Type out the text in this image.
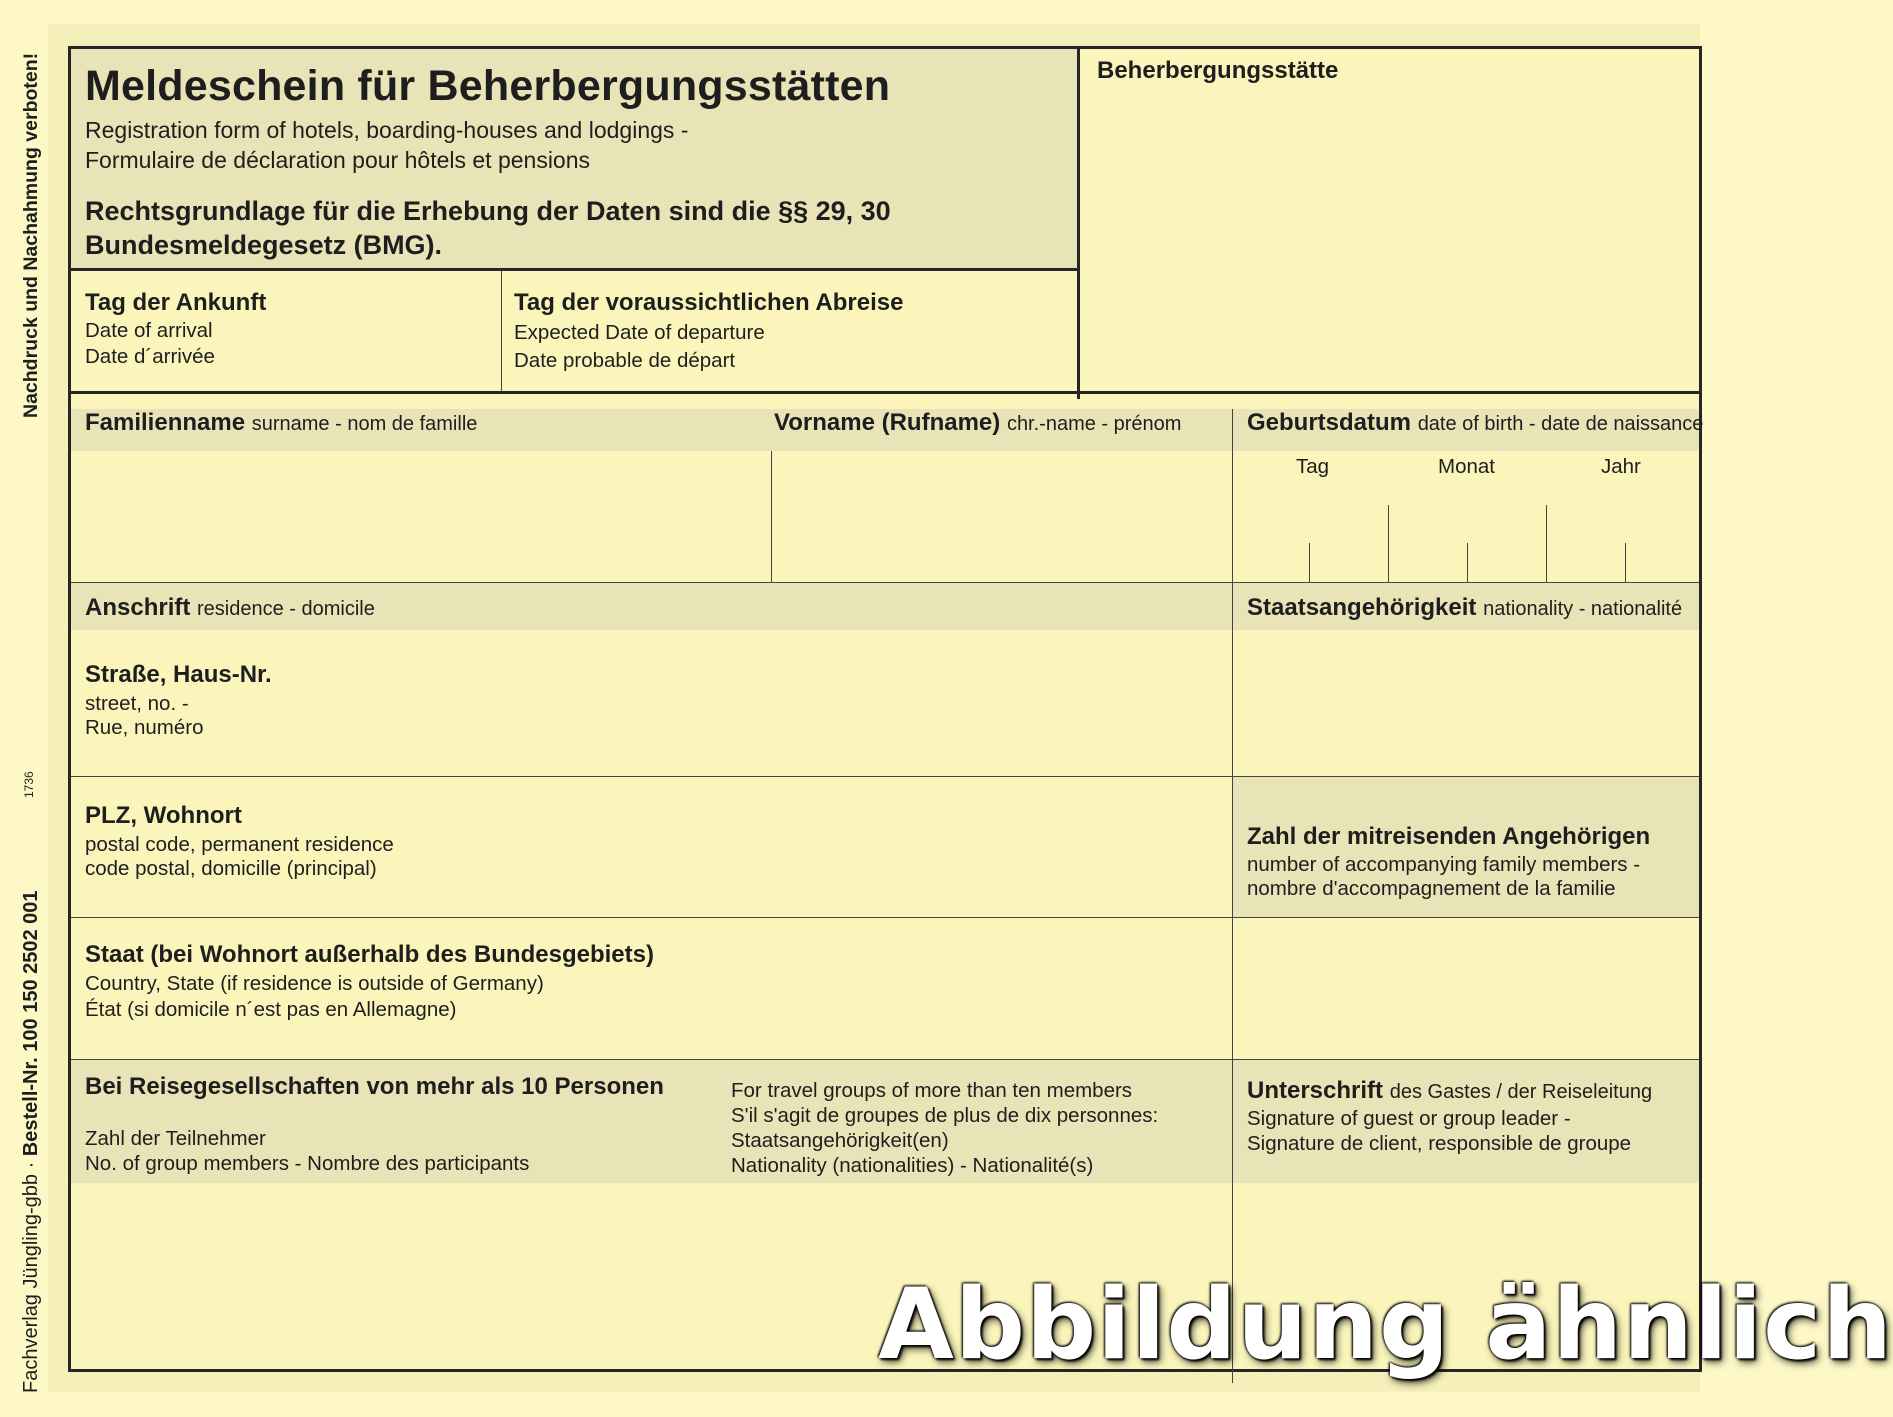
Nachdruck und Nachahmung verboten!
1736
Fachverlag Jüngling-gbb · Bestell-Nr. 100 150 2502 001
Meldeschein für Beherbergungsstätten
Registration form of hotels, boarding-houses and lodgings -
Formulaire de déclaration pour hôtels et pensions
Rechtsgrundlage für die Erhebung der Daten sind die §§ 29, 30
Bundesmeldegesetz (BMG).
Beherbergungsstätte
Tag der Ankunft
Date of arrival
Date d´arrivée
Tag der voraussichtlichen Abreise
Expected Date of departure
Date probable de départ
Familienname surname - nom de famille	Vorname (Rufname) chr.-name - prénom	Geburtsdatum date of birth - date de naissance
Tag	Monat	Jahr
Anschrift residence - domicile	Staatsangehörigkeit nationality - nationalité
Straße, Haus-Nr.
street, no. -
Rue, numéro
PLZ, Wohnort
postal code, permanent residence
code postal, domicille (principal)
Zahl der mitreisenden Angehörigen
number of accompanying family members -
nombre d'accompagnement de la familie
Staat (bei Wohnort außerhalb des Bundesgebiets)
Country, State (if residence is outside of Germany)
État (si domicile n´est pas en Allemagne)
Bei Reisegesellschaften von mehr als 10 Personen
Zahl der Teilnehmer
No. of group members - Nombre des participants
For travel groups of more than ten members
S'il s'agit de groupes de plus de dix personnes:
Staatsangehörigkeit(en)
Nationality (nationalities) - Nationalité(s)
Unterschrift des Gastes / der Reiseleitung
Signature of guest or group leader -
Signature de client, responsible de groupe
Abbildung ähnlich
